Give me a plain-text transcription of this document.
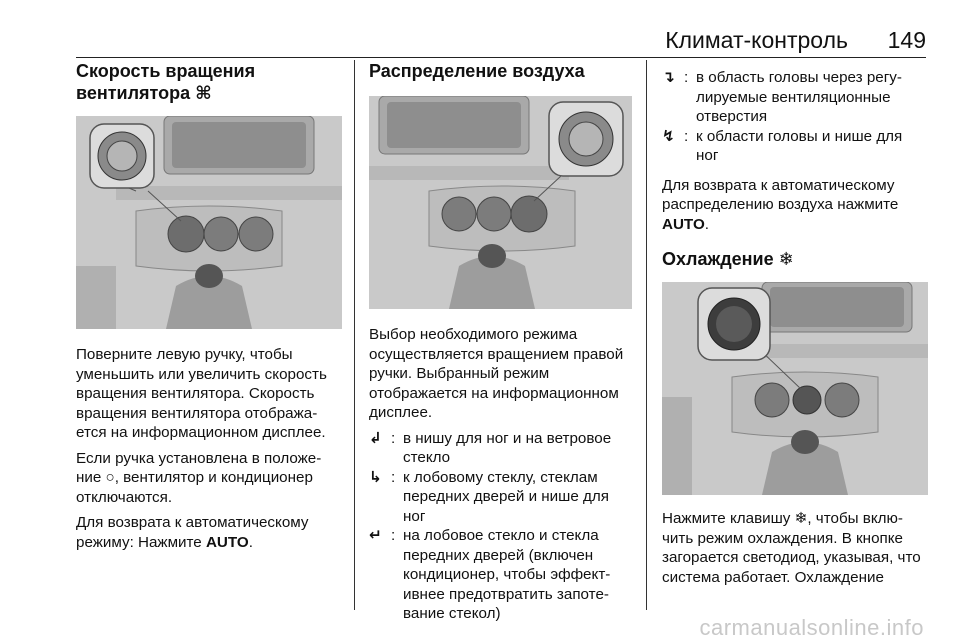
Климат-контроль 149
Скорость вращения
вентилятора ⌘

Поверните левую ручку, чтобы уменьшить или увеличить скорость вращения вентилятора. Скорость вращения вентилятора отобража-ется на информационном дисплее.

Если ручка установлена в положе-ние ○, вентилятор и кондиционер отключаются.

Для возврата к автоматическому режиму: Нажмите AUTO.

Распределение воздуха

Выбор необходимого режима осуществляется вращением правой ручки. Выбранный режим отображается на информационном дисплее.

↲ : в нишу для ног и на ветровое стекло
↳ : к лобовому стеклу, стеклам передних дверей и нише для ног
↵ : на лобовое стекло и стекла передних дверей (включен кондиционер, чтобы эффект-ивнее предотвратить запоте-вание стекол)
↴ : в область головы через регу-лируемые вентиляционные отверстия
↯ : к области головы и нише для ног

Для возврата к автоматическому распределению воздуха нажмите AUTO.

Охлаждение ❄

Нажмите клавишу ❄, чтобы вклю-чить режим охлаждения. В кнопке загорается светодиод, указывая, что система работает. Охлаждение

carmanualsonline.info
